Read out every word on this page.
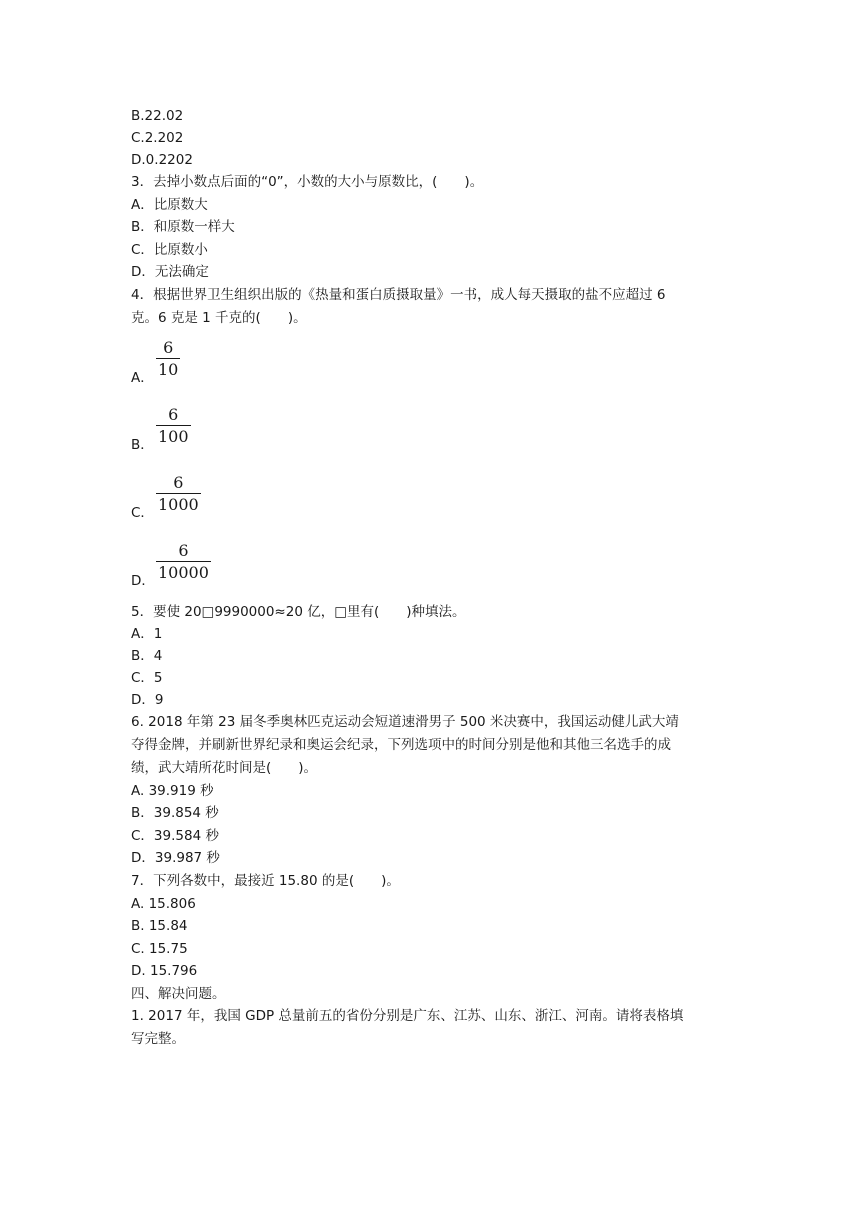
B.22.02
C.2.202
D.0.2202
3．去掉小数点后面的“0”，小数的大小与原数比，(　　)。
A．比原数大
B．和原数一样大
C．比原数小
D．无法确定
4．根据世界卫生组织出版的《热量和蛋白质摄取量》一书，成人每天摄取的盐不应超过 6
克。6 克是 1 千克的(　　)。
A．
6
10
B．
6
100
C．
6
1000
D．
6
10000
5．要使 20□9990000≈20 亿，□里有(　　)种填法。
A．1
B．4
C．5
D．9
6. 2018 年第 23 届冬季奥林匹克运动会短道速滑男子 500 米决赛中，我国运动健儿武大靖
夺得金牌，并刷新世界纪录和奥运会纪录，下列选项中的时间分别是他和其他三名选手的成
绩，武大靖所花时间是(　　)。
A. 39.919 秒
B．39.854 秒
C．39.584 秒
D．39.987 秒
7．下列各数中，最接近 15.80 的是(　　)。
A. 15.806
B. 15.84
C. 15.75
D. 15.796
四、解决问题。
1. 2017 年，我国 GDP 总量前五的省份分别是广东、江苏、山东、浙江、河南。请将表格填
写完整。
